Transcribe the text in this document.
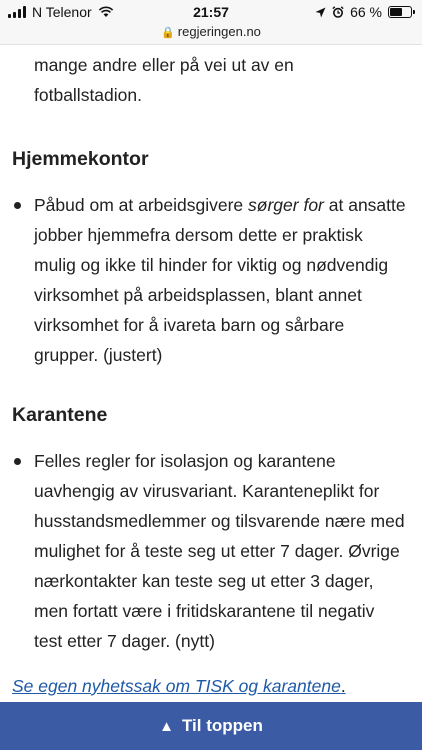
N Telenor	21:57	66 %
🔒 regjeringen.no
mange andre eller på vei ut av en
fotballstadion.
Hjemmekontor
Påbud om at arbeidsgivere sørger for at ansatte jobber hjemmefra dersom dette er praktisk mulig og ikke til hinder for viktig og nødvendig virksomhet på arbeidsplassen, blant annet virksomhet for å ivareta barn og sårbare grupper. (justert)
Karantene
Felles regler for isolasjon og karantene uavhengig av virusvariant. Karanteneplikt for husstandsmedlemmer og tilsvarende nære med mulighet for å teste seg ut etter 7 dager. Øvrige nærkontakter kan teste seg ut etter 3 dager, men fortatt være i fritidskarantene til negativ test etter 7 dager. (nytt)
Se egen nyhetssak om TISK og karantene.
▲ Til toppen
